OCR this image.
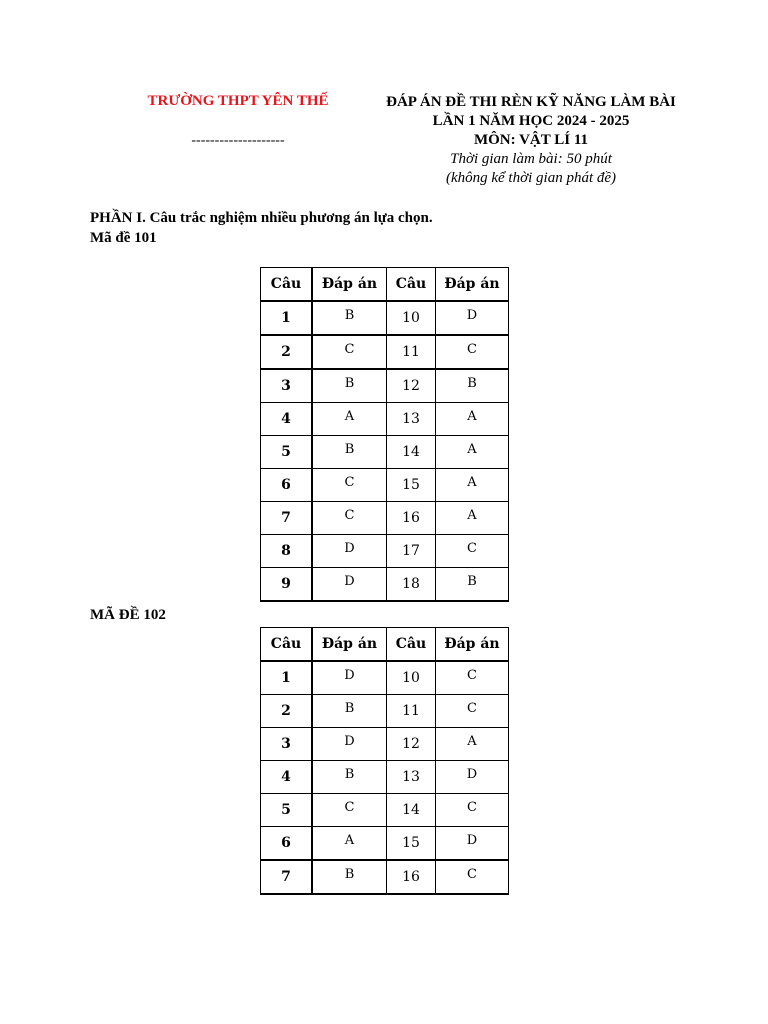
TRƯỜNG THPT YÊN THẾ
--------------------
ĐÁP ÁN ĐỀ THI RÈN KỸ NĂNG LÀM BÀI
LẦN 1 NĂM HỌC 2024 - 2025
MÔN: VẬT LÍ 11
Thời gian làm bài: 50 phút
(không kể thời gian phát đề)
PHẦN I. Câu trắc nghiệm nhiều phương án lựa chọn.
Mã đề 101
Câu	Đáp án	Câu	Đáp án
1	B	10	D
2	C	11	C
3	B	12	B
4	A	13	A
5	B	14	A
6	C	15	A
7	C	16	A
8	D	17	C
9	D	18	B
MÃ ĐỀ 102
Câu	Đáp án	Câu	Đáp án
1	D	10	C
2	B	11	C
3	D	12	A
4	B	13	D
5	C	14	C
6	A	15	D
7	B	16	C
